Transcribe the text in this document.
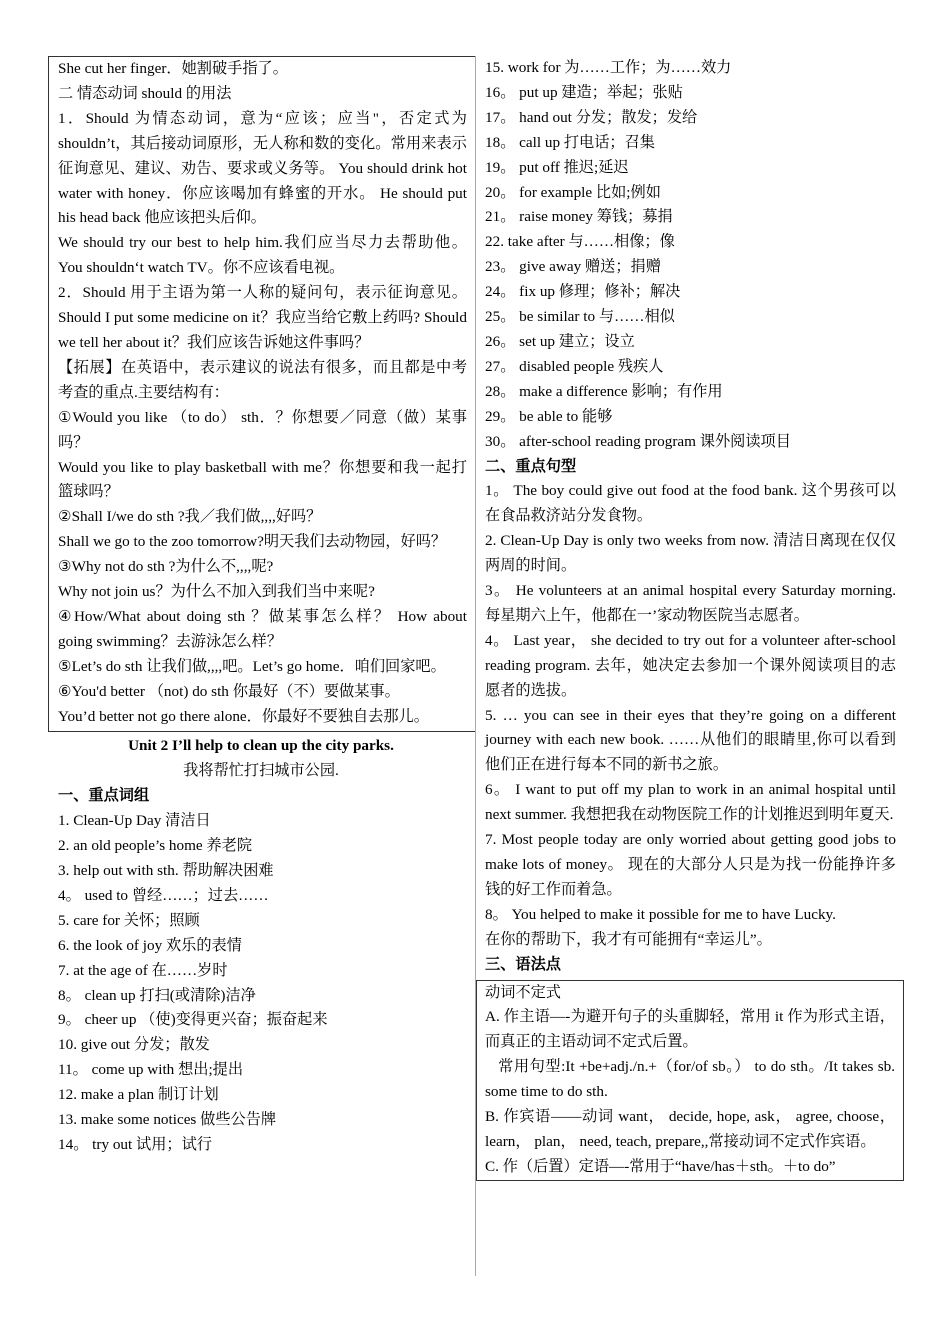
She cut her finger．她割破手指了。

二 情态动词 should 的用法

1．Should 为情态动词，意为“应该；应当"，否定式为 shouldn’t，其后接动词原形，无人称和数的变化。常用来表示征询意见、建议、劝告、要求或义务等。 You should drink hot water with honey．你应该喝加有蜂蜜的开水。 He should put his head back 他应该把头后仰。

We should try our best to help him.我们应当尽力去帮助他。 You shouldn‘t watch TV。你不应该看电视。

2．Should 用于主语为第一人称的疑问句，表示征询意见。 Should I put some medicine on it？我应当给它敷上药吗? Should we tell her about it？我们应该告诉她这件事吗？

【拓展】在英语中，表示建议的说法有很多，而且都是中考考查的重点.主要结构有：

①Would you like （to do） sth．？你想要／同意（做）某事吗？

Would you like to play basketball with me？你想要和我一起打篮球吗？

②Shall I/we do sth ?我／我们做,,,,好吗？

Shall we go to the zoo tomorrow?明天我们去动物园，好吗？

③Why not do sth ?为什么不,,,,呢?

Why not join us？为什么不加入到我们当中来呢?

④How/What about doing sth ？做某事怎么样？ How about going swimming？去游泳怎么样？

⑤Let’s do sth 让我们做,,,,吧。Let’s go home．咱们回家吧。

⑥You'd better （not) do sth 你最好（不）要做某事。

You’d better not go there alone．你最好不要独自去那儿。

Unit 2 I’ll help to clean up the city parks.

我将帮忙打扫城市公园.

一、重点词组

1. Clean-Up Day 清洁日

2. an old people’s home 养老院

3. help out with sth. 帮助解决困难

4。 used to 曾经……；过去……

5. care for 关怀；照顾

6. the look of joy 欢乐的表情

7. at the age of 在……岁时

8。 clean up 打扫(或清除)洁净

9。 cheer up （使)变得更兴奋；振奋起来

10. give out 分发；散发

11。 come up with 想出;提出

12. make a plan 制订计划

13. make some notices 做些公告牌

14。 try out 试用；试行

15. work for 为……工作；为……效力

16。 put up 建造；举起；张贴

17。 hand out 分发；散发；发给

18。 call up 打电话；召集

19。 put off 推迟;延迟

20。 for example 比如;例如

21。 raise money 筹钱；募捐

22. take after 与……相像；像

23。 give away 赠送；捐赠

24。 fix up 修理；修补；解决

25。 be similar to 与……相似

26。 set up 建立；设立

27。 disabled people 残疾人

28。 make a difference 影响；有作用

29。 be able to 能够

30。 after-school reading program 课外阅读项目

二、重点句型

1。 The boy could give out food at the food bank. 这个男孩可以在食品救济站分发食物。

2. Clean-Up Day is only two weeks from now. 清洁日离现在仅仅两周的时间。

3。 He volunteers at an animal hospital every Saturday morning. 每星期六上午，他都在一’家动物医院当志愿者。

4。 Last year， she decided to try out for a volunteer after-school reading program. 去年，她决定去参加一个课外阅读项目的志愿者的选拔。

5. … you can see in their eyes that they’re going on a different journey with each new book. ……从他们的眼睛里,你可以看到他们正在进行每本不同的新书之旅。

6。 I want to put off my plan to work in an animal hospital until next summer. 我想把我在动物医院工作的计划推迟到明年夏天.

7. Most people today are only worried about getting good jobs to make lots of money。 现在的大部分人只是为找一份能挣许多钱的好工作而着急。

8。 You helped to make it possible for me to have Lucky.

在你的帮助下，我才有可能拥有“幸运儿”。

三、语法点

动词不定式

A. 作主语—-为避开句子的头重脚轻，常用 it 作为形式主语，而真正的主语动词不定式后置。

常用句型:It +be+adj./n.+（for/of sb。） to do sth。/It takes sb. some time to do sth.

B. 作宾语——动词 want， decide, hope, ask， agree, choose， learn， plan， need, teach, prepare,,常接动词不定式作宾语。

C. 作（后置）定语—-常用于“have/has＋sth。＋to do”
